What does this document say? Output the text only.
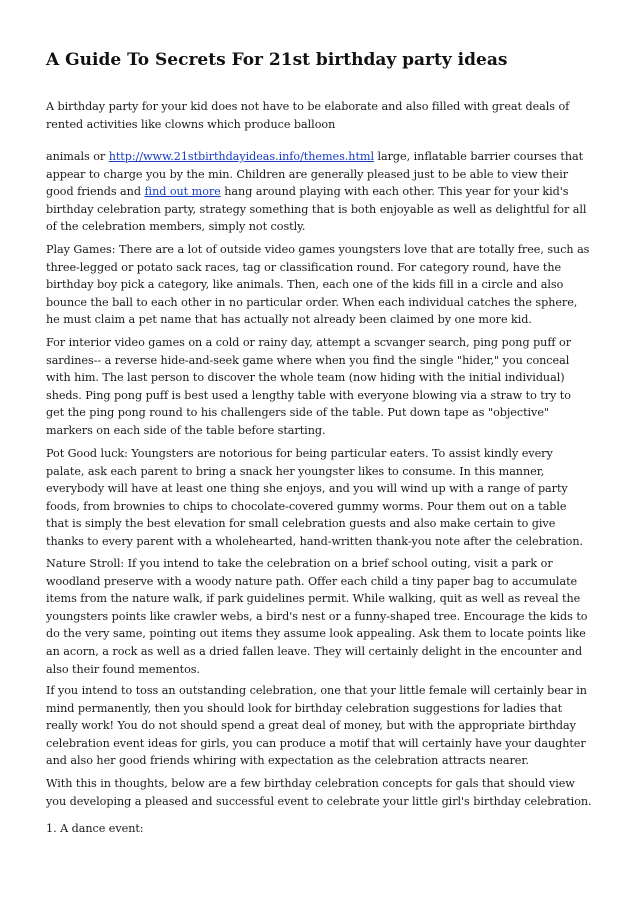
A Guide To Secrets For 21st birthday party ideas

A birthday party for your kid does not have to be elaborate and also filled with great deals of rented activities like clowns which produce balloon

animals or http://www.21stbirthdayideas.info/themes.html large, inflatable barrier courses that appear to charge you by the min. Children are generally pleased just to be able to view their good friends and find out more hang around playing with each other. This year for your kid's birthday celebration party, strategy something that is both enjoyable as well as delightful for all of the celebration members, simply not costly.

Play Games: There are a lot of outside video games youngsters love that are totally free, such as three-legged or potato sack races, tag or classification round. For category round, have the birthday boy pick a category, like animals. Then, each one of the kids fill in a circle and also bounce the ball to each other in no particular order. When each individual catches the sphere, he must claim a pet name that has actually not already been claimed by one more kid.

For interior video games on a cold or rainy day, attempt a scvanger search, ping pong puff or sardines-- a reverse hide-and-seek game where when you find the single "hider," you conceal with him. The last person to discover the whole team (now hiding with the initial individual) sheds. Ping pong puff is best used a lengthy table with everyone blowing via a straw to try to get the ping pong round to his challengers side of the table. Put down tape as "objective" markers on each side of the table before starting.

Pot Good luck: Youngsters are notorious for being particular eaters. To assist kindly every palate, ask each parent to bring a snack her youngster likes to consume. In this manner, everybody will have at least one thing she enjoys, and you will wind up with a range of party foods, from brownies to chips to chocolate-covered gummy worms. Pour them out on a table that is simply the best elevation for small celebration guests and also make certain to give thanks to every parent with a wholehearted, hand-written thank-you note after the celebration.

Nature Stroll: If you intend to take the celebration on a brief school outing, visit a park or woodland preserve with a woody nature path. Offer each child a tiny paper bag to accumulate items from the nature walk, if park guidelines permit. While walking, quit as well as reveal the youngsters points like crawler webs, a bird's nest or a funny-shaped tree. Encourage the kids to do the very same, pointing out items they assume look appealing. Ask them to locate points like an acorn, a rock as well as a dried fallen leave. They will certainly delight in the encounter and also their found mementos.

If you intend to toss an outstanding celebration, one that your little female will certainly bear in mind permanently, then you should look for birthday celebration suggestions for ladies that really work! You do not should spend a great deal of money, but with the appropriate birthday celebration event ideas for girls, you can produce a motif that will certainly have your daughter and also her good friends whiring with expectation as the celebration attracts nearer.

With this in thoughts, below are a few birthday celebration concepts for gals that should view you developing a pleased and successful event to celebrate your little girl's birthday celebration.

1. A dance event:
